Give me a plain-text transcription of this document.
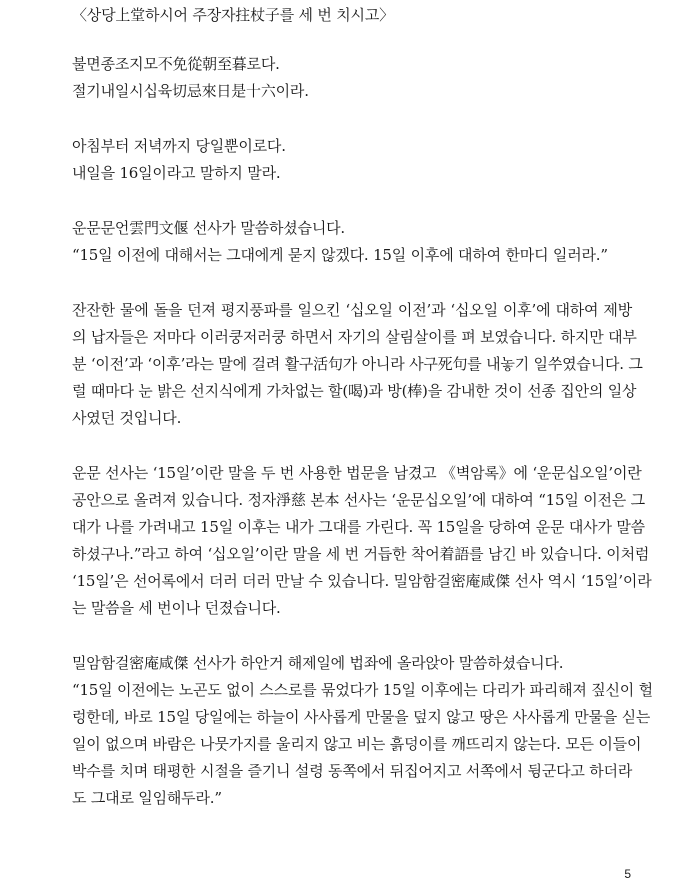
〈상당上堂하시어 주장자拄杖子를 세 번 치시고〉
불면종조지모不免從朝至暮로다.
절기내일시십육切忌來日是十六이라.
아침부터 저녁까지 당일뿐이로다.
내일을 16일이라고 말하지 말라.
운문문언雲門文偃 선사가 말씀하셨습니다.
“15일 이전에 대해서는 그대에게 묻지 않겠다. 15일 이후에 대하여 한마디 일러라.”
잔잔한 물에 돌을 던져 평지풍파를 일으킨 ‘십오일 이전’과 ‘십오일 이후’에 대하여 제방
의 납자들은 저마다 이러쿵저러쿵 하면서 자기의 살림살이를 펴 보였습니다. 하지만 대부
분 ‘이전’과 ‘이후’라는 말에 걸려 활구活句가 아니라 사구死句를 내놓기 일쑤였습니다. 그
럴 때마다 눈 밝은 선지식에게 가차없는 할(喝)과 방(棒)을 감내한 것이 선종 집안의 일상
사였던 것입니다.
운문 선사는 ‘15일’이란 말을 두 번 사용한 법문을 남겼고 《벽암록》에 ‘운문십오일’이란
공안으로 올려져 있습니다. 정자淨慈 본本 선사는 ‘운문십오일’에 대하여 “15일 이전은 그
대가 나를 가려내고 15일 이후는 내가 그대를 가린다. 꼭 15일을 당하여 운문 대사가 말씀
하셨구나.”라고 하여 ‘십오일’이란 말을 세 번 거듭한 착어着語를 남긴 바 있습니다. 이처럼
‘15일’은 선어록에서 더러 더러 만날 수 있습니다. 밀암함걸密庵咸傑 선사 역시 ‘15일’이라
는 말씀을 세 번이나 던졌습니다.
밀암함걸密庵咸傑 선사가 하안거 해제일에 법좌에 올라앉아 말씀하셨습니다.
“15일 이전에는 노곤도 없이 스스로를 묶었다가 15일 이후에는 다리가 파리해져 짚신이 헐
렁한데, 바로 15일 당일에는 하늘이 사사롭게 만물을 덮지 않고 땅은 사사롭게 만물을 싣는
일이 없으며 바람은 나뭇가지를 울리지 않고 비는 흙덩이를 깨뜨리지 않는다. 모든 이들이
박수를 치며 태평한 시절을 즐기니 설령 동쪽에서 뒤집어지고 서쪽에서 뒹군다고 하더라
도 그대로 일임해두라.”
5
